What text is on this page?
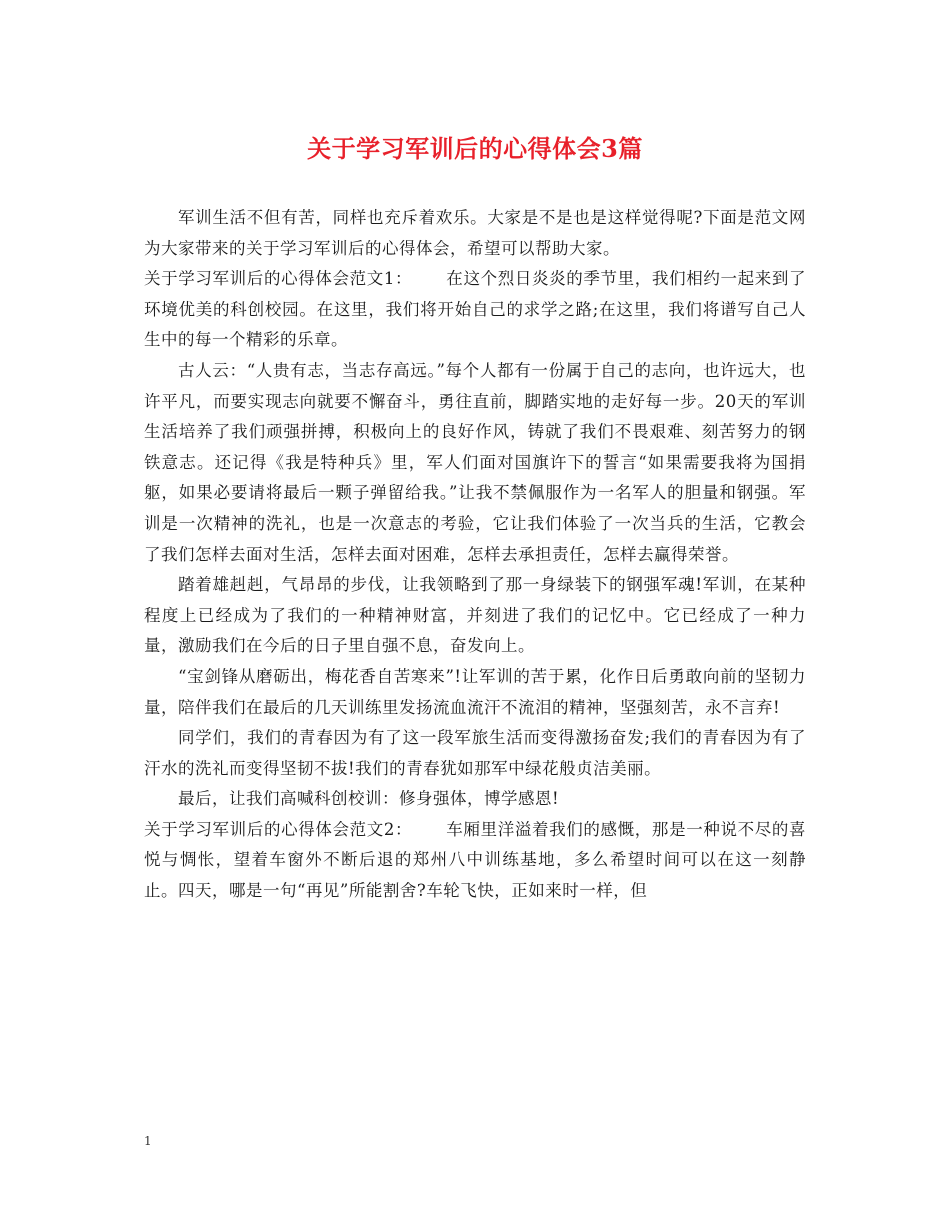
关于学习军训后的心得体会3篇

军训生活不但有苦，同样也充斥着欢乐。大家是不是也是这样觉得呢?下面是范文网为大家带来的关于学习军训后的心得体会，希望可以帮助大家。

关于学习军训后的心得体会范文1： 在这个烈日炎炎的季节里，我们相约一起来到了环境优美的科创校园。在这里，我们将开始自己的求学之路;在这里，我们将谱写自己人生中的每一个精彩的乐章。

古人云：“人贵有志，当志存高远。”每个人都有一份属于自己的志向，也许远大，也许平凡，而要实现志向就要不懈奋斗，勇往直前，脚踏实地的走好每一步。20天的军训生活培养了我们顽强拼搏，积极向上的良好作风，铸就了我们不畏艰难、刻苦努力的钢铁意志。还记得《我是特种兵》里，军人们面对国旗许下的誓言“如果需要我将为国捐躯，如果必要请将最后一颗子弹留给我。”让我不禁佩服作为一名军人的胆量和钢强。军训是一次精神的洗礼，也是一次意志的考验，它让我们体验了一次当兵的生活，它教会了我们怎样去面对生活，怎样去面对困难，怎样去承担责任，怎样去赢得荣誉。

踏着雄赳赳，气昂昂的步伐，让我领略到了那一身绿装下的钢强军魂!军训，在某种程度上已经成为了我们的一种精神财富，并刻进了我们的记忆中。它已经成了一种力量，激励我们在今后的日子里自强不息，奋发向上。

“宝剑锋从磨砺出，梅花香自苦寒来”!让军训的苦于累，化作日后勇敢向前的坚韧力量，陪伴我们在最后的几天训练里发扬流血流汗不流泪的精神，坚强刻苦，永不言弃!

同学们，我们的青春因为有了这一段军旅生活而变得激扬奋发;我们的青春因为有了汗水的洗礼而变得坚韧不拔!我们的青春犹如那军中绿花般贞洁美丽。

最后，让我们高喊科创校训：修身强体，博学感恩!

关于学习军训后的心得体会范文2： 车厢里洋溢着我们的感慨，那是一种说不尽的喜悦与惆怅，望着车窗外不断后退的郑州八中训练基地，多么希望时间可以在这一刻静止。四天，哪是一句“再见”所能割舍?车轮飞快，正如来时一样，但

1
